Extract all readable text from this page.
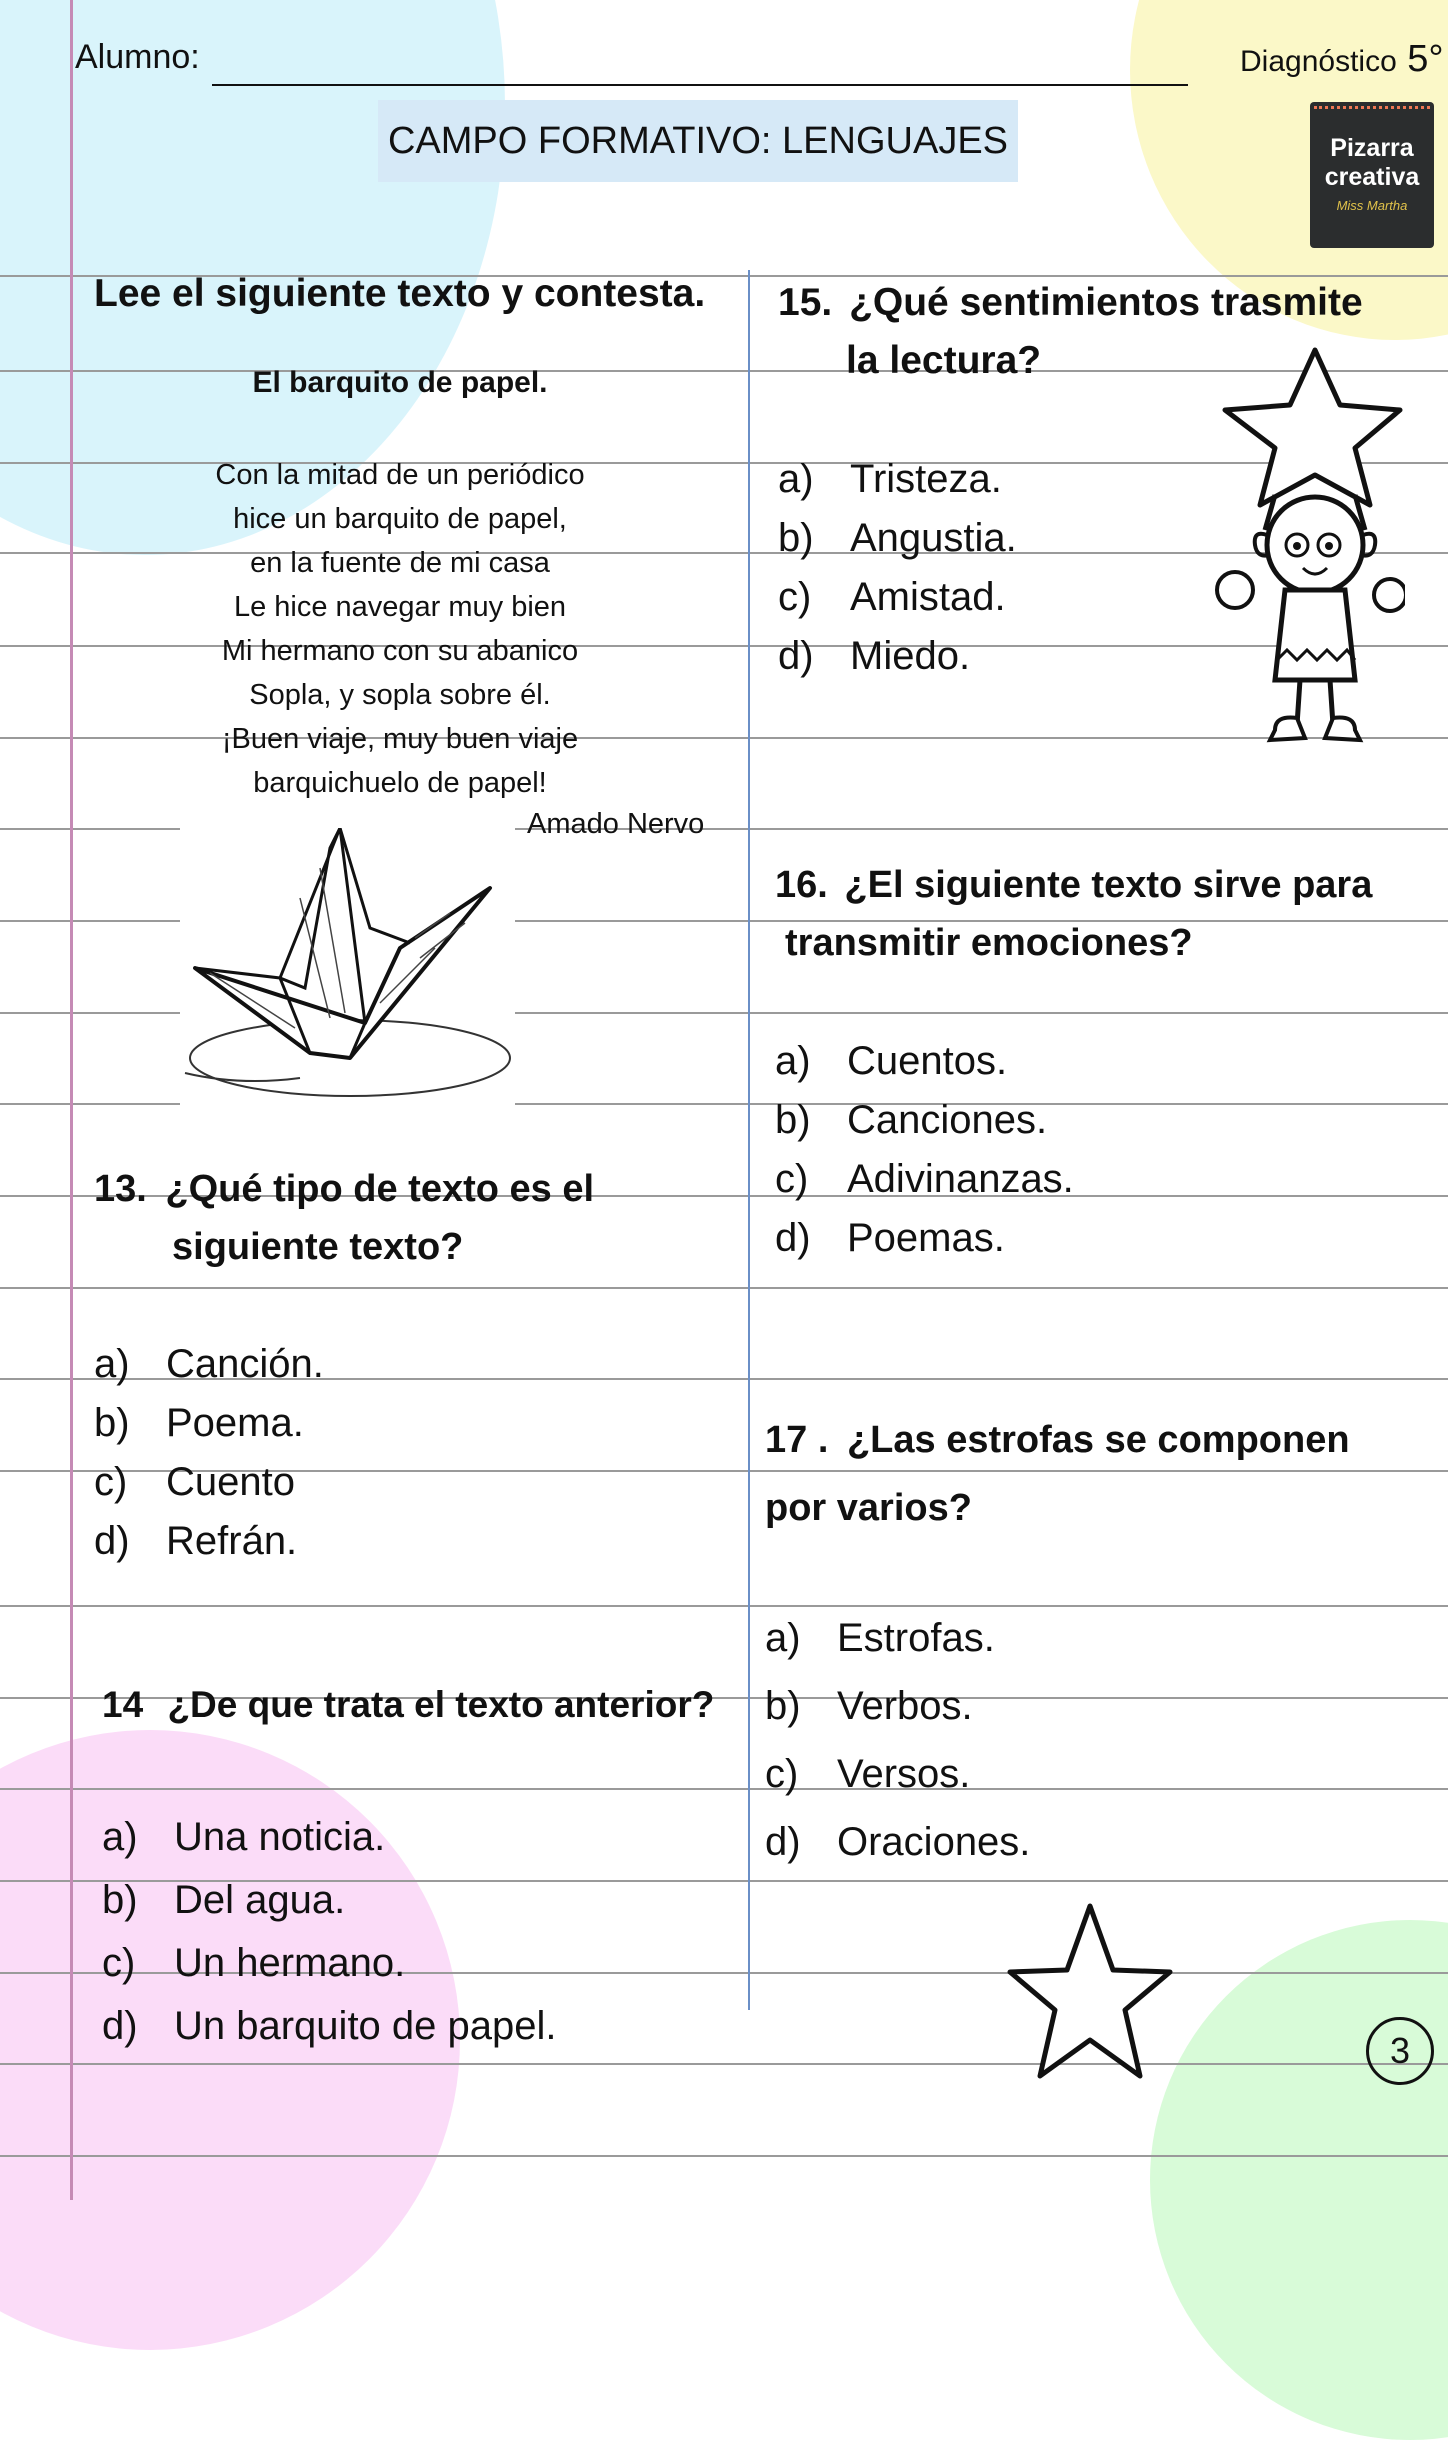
Alumno:	Diagnóstico 5°
CAMPO FORMATIVO: LENGUAJES	Pizarra
creativa
Miss Martha
Lee el siguiente texto y contesta.
El barquito de papel.
Con la mitad de un periódico
hice un barquito de papel,
en la fuente de mi casa
Le hice navegar muy bien
Mi hermano con su abanico
Sopla, y sopla sobre él.
¡Buen viaje, muy buen viaje
barquichuelo de papel!
Amado Nervo
13. ¿Qué tipo de texto es el
siguiente texto?
a) Canción.
b) Poema.
c) Cuento
d) Refrán.
14 ¿De que trata el texto anterior?
a) Una noticia.
b) Del agua.
c) Un hermano.
d) Un barquito de papel.
15. ¿Qué sentimientos trasmite
la lectura?
a) Tristeza.
b) Angustia.
c) Amistad.
d) Miedo.
16. ¿El siguiente texto sirve para
transmitir emociones?
a) Cuentos.
b) Canciones.
c) Adivinanzas.
d) Poemas.
17 . ¿Las estrofas se componen
por varios?
a) Estrofas.
b) Verbos.
c) Versos.
d) Oraciones.
3
